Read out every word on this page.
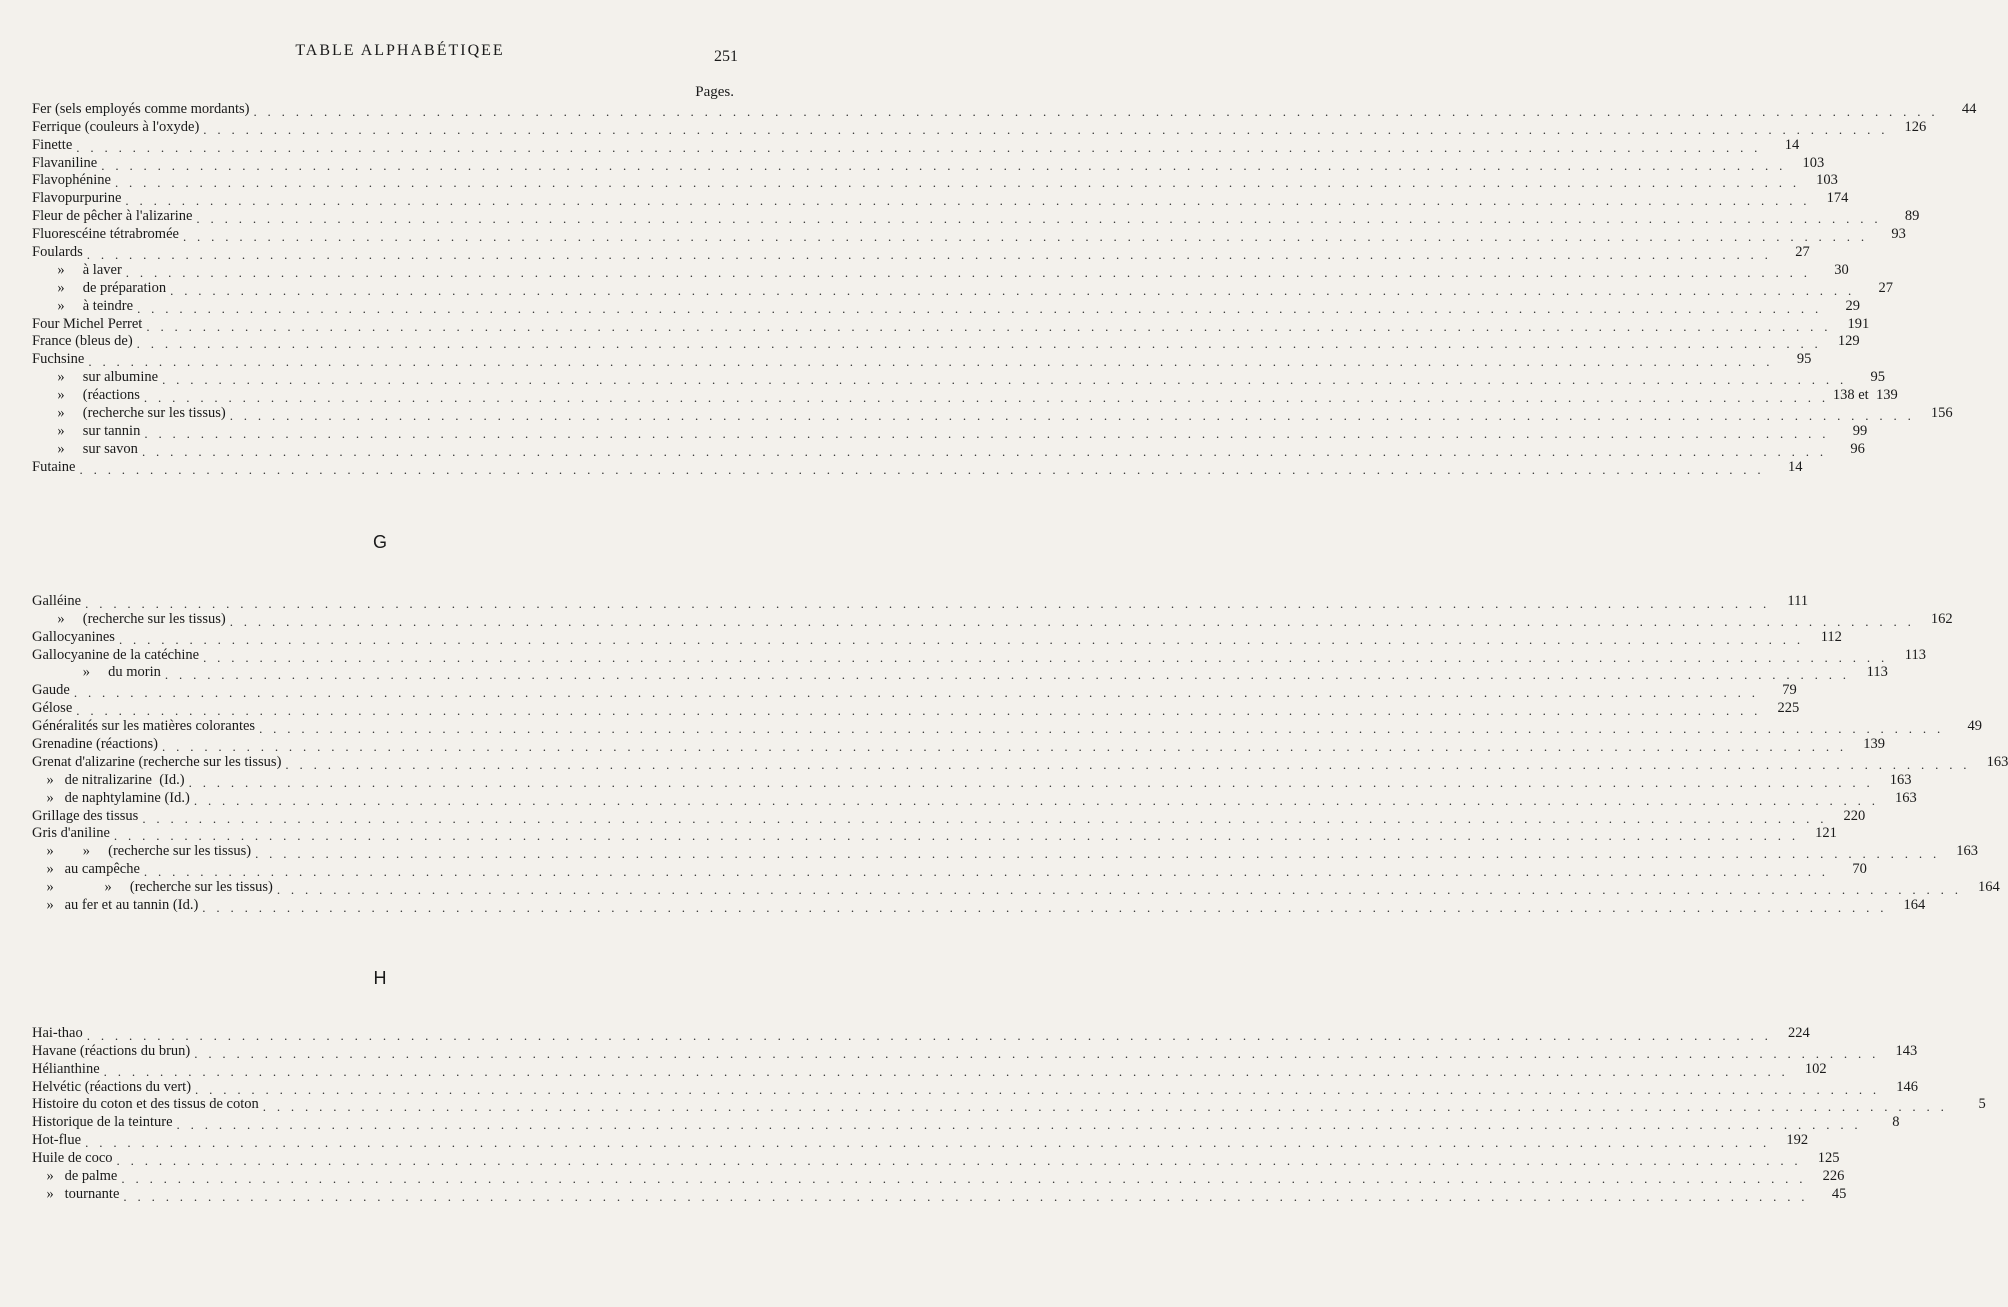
TABLE ALPHABÉTIQEE	251
Pages.
Fer (sels employés comme mordants) . . . . . . . . . . . . . . . . . . . . . . . . . . . . . . . . . . . . . . . . . . . . . . . . . . . . . . . . . . . . . . . . . . . . . . . . . . . . . . . . . . . . . . . . . . . . . . . . . . . . . . . . . . . . . . . . . . . . . . . .	44
Ferrique (couleurs à l'oxyde) . . . . . . . . . . . . . . . . . . . . . . . . . . . . . . . . . . . . . . . . . . . . . . . . . . . . . . . . . . . . . . . . . . . . . . . . . . . . . . . . . . . . . . . . . . . . . . . . . . . . . . . . . . . . . . . . . . . . . . . .	126
Finette . . . . . . . . . . . . . . . . . . . . . . . . . . . . . . . . . . . . . . . . . . . . . . . . . . . . . . . . . . . . . . . . . . . . . . . . . . . . . . . . . . . . . . . . . . . . . . . . . . . . . . . . . . . . . . . . . . . . . . . .	14
Flavaniline . . . . . . . . . . . . . . . . . . . . . . . . . . . . . . . . . . . . . . . . . . . . . . . . . . . . . . . . . . . . . . . . . . . . . . . . . . . . . . . . . . . . . . . . . . . . . . . . . . . . . . . . . . . . . . . . . . . . . . . .	103
Flavophénine . . . . . . . . . . . . . . . . . . . . . . . . . . . . . . . . . . . . . . . . . . . . . . . . . . . . . . . . . . . . . . . . . . . . . . . . . . . . . . . . . . . . . . . . . . . . . . . . . . . . . . . . . . . . . . . . . . . . . . . .	103
Flavopurpurine . . . . . . . . . . . . . . . . . . . . . . . . . . . . . . . . . . . . . . . . . . . . . . . . . . . . . . . . . . . . . . . . . . . . . . . . . . . . . . . . . . . . . . . . . . . . . . . . . . . . . . . . . . . . . . . . . . . . . . . .	174
Fleur de pêcher à l'alizarine . . . . . . . . . . . . . . . . . . . . . . . . . . . . . . . . . . . . . . . . . . . . . . . . . . . . . . . . . . . . . . . . . . . . . . . . . . . . . . . . . . . . . . . . . . . . . . . . . . . . . . . . . . . . . . . . . . . . . . . .	89
Fluorescéine tétrabromée . . . . . . . . . . . . . . . . . . . . . . . . . . . . . . . . . . . . . . . . . . . . . . . . . . . . . . . . . . . . . . . . . . . . . . . . . . . . . . . . . . . . . . . . . . . . . . . . . . . . . . . . . . . . . . . . . . . . . . . .	93
Foulards . . . . . . . . . . . . . . . . . . . . . . . . . . . . . . . . . . . . . . . . . . . . . . . . . . . . . . . . . . . . . . . . . . . . . . . . . . . . . . . . . . . . . . . . . . . . . . . . . . . . . . . . . . . . . . . . . . . . . . . .	27
»     à laver . . . . . . . . . . . . . . . . . . . . . . . . . . . . . . . . . . . . . . . . . . . . . . . . . . . . . . . . . . . . . . . . . . . . . . . . . . . . . . . . . . . . . . . . . . . . . . . . . . . . . . . . . . . . . . . . . . . . . . . .	30
»     de préparation . . . . . . . . . . . . . . . . . . . . . . . . . . . . . . . . . . . . . . . . . . . . . . . . . . . . . . . . . . . . . . . . . . . . . . . . . . . . . . . . . . . . . . . . . . . . . . . . . . . . . . . . . . . . . . . . . . . . . . . .	27
»     à teindre . . . . . . . . . . . . . . . . . . . . . . . . . . . . . . . . . . . . . . . . . . . . . . . . . . . . . . . . . . . . . . . . . . . . . . . . . . . . . . . . . . . . . . . . . . . . . . . . . . . . . . . . . . . . . . . . . . . . . . . .	29
Four Michel Perret . . . . . . . . . . . . . . . . . . . . . . . . . . . . . . . . . . . . . . . . . . . . . . . . . . . . . . . . . . . . . . . . . . . . . . . . . . . . . . . . . . . . . . . . . . . . . . . . . . . . . . . . . . . . . . . . . . . . . . . .	191
France (bleus de) . . . . . . . . . . . . . . . . . . . . . . . . . . . . . . . . . . . . . . . . . . . . . . . . . . . . . . . . . . . . . . . . . . . . . . . . . . . . . . . . . . . . . . . . . . . . . . . . . . . . . . . . . . . . . . . . . . . . . . . .	129
Fuchsine . . . . . . . . . . . . . . . . . . . . . . . . . . . . . . . . . . . . . . . . . . . . . . . . . . . . . . . . . . . . . . . . . . . . . . . . . . . . . . . . . . . . . . . . . . . . . . . . . . . . . . . . . . . . . . . . . . . . . . . .	95
»     sur albumine . . . . . . . . . . . . . . . . . . . . . . . . . . . . . . . . . . . . . . . . . . . . . . . . . . . . . . . . . . . . . . . . . . . . . . . . . . . . . . . . . . . . . . . . . . . . . . . . . . . . . . . . . . . . . . . . . . . . . . . .	95
»     (réactions . . . . . . . . . . . . . . . . . . . . . . . . . . . . . . . . . . . . . . . . . . . . . . . . . . . . . . . . . . . . . . . . . . . . . . . . . . . . . . . . . . . . . . . . . . . . . . . . . . . . . . . . . . . . . . . . . . . . . . . . 138 et  139
»     (recherche sur les tissus) . . . . . . . . . . . . . . . . . . . . . . . . . . . . . . . . . . . . . . . . . . . . . . . . . . . . . . . . . . . . . . . . . . . . . . . . . . . . . . . . . . . . . . . . . . . . . . . . . . . . . . . . . . . . . . . . . . . . . . . .	156
»     sur tannin . . . . . . . . . . . . . . . . . . . . . . . . . . . . . . . . . . . . . . . . . . . . . . . . . . . . . . . . . . . . . . . . . . . . . . . . . . . . . . . . . . . . . . . . . . . . . . . . . . . . . . . . . . . . . . . . . . . . . . . .	99
»     sur savon . . . . . . . . . . . . . . . . . . . . . . . . . . . . . . . . . . . . . . . . . . . . . . . . . . . . . . . . . . . . . . . . . . . . . . . . . . . . . . . . . . . . . . . . . . . . . . . . . . . . . . . . . . . . . . . . . . . . . . . .	96
Futaine . . . . . . . . . . . . . . . . . . . . . . . . . . . . . . . . . . . . . . . . . . . . . . . . . . . . . . . . . . . . . . . . . . . . . . . . . . . . . . . . . . . . . . . . . . . . . . . . . . . . . . . . . . . . . . . . . . . . . . . .	14
G
Galléine . . . . . . . . . . . . . . . . . . . . . . . . . . . . . . . . . . . . . . . . . . . . . . . . . . . . . . . . . . . . . . . . . . . . . . . . . . . . . . . . . . . . . . . . . . . . . . . . . . . . . . . . . . . . . . . . . . . . . . . .	111
»     (recherche sur les tissus) . . . . . . . . . . . . . . . . . . . . . . . . . . . . . . . . . . . . . . . . . . . . . . . . . . . . . . . . . . . . . . . . . . . . . . . . . . . . . . . . . . . . . . . . . . . . . . . . . . . . . . . . . . . . . . . . . . . . . . . .	162
Gallocyanines . . . . . . . . . . . . . . . . . . . . . . . . . . . . . . . . . . . . . . . . . . . . . . . . . . . . . . . . . . . . . . . . . . . . . . . . . . . . . . . . . . . . . . . . . . . . . . . . . . . . . . . . . . . . . . . . . . . . . . . .	112
Gallocyanine de la catéchine . . . . . . . . . . . . . . . . . . . . . . . . . . . . . . . . . . . . . . . . . . . . . . . . . . . . . . . . . . . . . . . . . . . . . . . . . . . . . . . . . . . . . . . . . . . . . . . . . . . . . . . . . . . . . . . . . . . . . . . .	113
»     du morin . . . . . . . . . . . . . . . . . . . . . . . . . . . . . . . . . . . . . . . . . . . . . . . . . . . . . . . . . . . . . . . . . . . . . . . . . . . . . . . . . . . . . . . . . . . . . . . . . . . . . . . . . . . . . . . . . . . . . . . .	113
Gaude . . . . . . . . . . . . . . . . . . . . . . . . . . . . . . . . . . . . . . . . . . . . . . . . . . . . . . . . . . . . . . . . . . . . . . . . . . . . . . . . . . . . . . . . . . . . . . . . . . . . . . . . . . . . . . . . . . . . . . . .	79
Gélose . . . . . . . . . . . . . . . . . . . . . . . . . . . . . . . . . . . . . . . . . . . . . . . . . . . . . . . . . . . . . . . . . . . . . . . . . . . . . . . . . . . . . . . . . . . . . . . . . . . . . . . . . . . . . . . . . . . . . . . .	225
Généralités sur les matières colorantes . . . . . . . . . . . . . . . . . . . . . . . . . . . . . . . . . . . . . . . . . . . . . . . . . . . . . . . . . . . . . . . . . . . . . . . . . . . . . . . . . . . . . . . . . . . . . . . . . . . . . . . . . . . . . . . . . . . . . . . .	49
Grenadine (réactions) . . . . . . . . . . . . . . . . . . . . . . . . . . . . . . . . . . . . . . . . . . . . . . . . . . . . . . . . . . . . . . . . . . . . . . . . . . . . . . . . . . . . . . . . . . . . . . . . . . . . . . . . . . . . . . . . . . . . . . . .	139
Grenat d'alizarine (recherche sur les tissus) . . . . . . . . . . . . . . . . . . . . . . . . . . . . . . . . . . . . . . . . . . . . . . . . . . . . . . . . . . . . . . . . . . . . . . . . . . . . . . . . . . . . . . . . . . . . . . . . . . . . . . . . . . . . . . . . . . . . . . . .	163
»   de nitralizarine  (Id.) . . . . . . . . . . . . . . . . . . . . . . . . . . . . . . . . . . . . . . . . . . . . . . . . . . . . . . . . . . . . . . . . . . . . . . . . . . . . . . . . . . . . . . . . . . . . . . . . . . . . . . . . . . . . . . . . . . . . . . . .	163
»   de naphtylamine (Id.) . . . . . . . . . . . . . . . . . . . . . . . . . . . . . . . . . . . . . . . . . . . . . . . . . . . . . . . . . . . . . . . . . . . . . . . . . . . . . . . . . . . . . . . . . . . . . . . . . . . . . . . . . . . . . . . . . . . . . . . .	163
Grillage des tissus . . . . . . . . . . . . . . . . . . . . . . . . . . . . . . . . . . . . . . . . . . . . . . . . . . . . . . . . . . . . . . . . . . . . . . . . . . . . . . . . . . . . . . . . . . . . . . . . . . . . . . . . . . . . . . . . . . . . . . . .	220
Gris d'aniline . . . . . . . . . . . . . . . . . . . . . . . . . . . . . . . . . . . . . . . . . . . . . . . . . . . . . . . . . . . . . . . . . . . . . . . . . . . . . . . . . . . . . . . . . . . . . . . . . . . . . . . . . . . . . . . . . . . . . . . .	121
»        »     (recherche sur les tissus) . . . . . . . . . . . . . . . . . . . . . . . . . . . . . . . . . . . . . . . . . . . . . . . . . . . . . . . . . . . . . . . . . . . . . . . . . . . . . . . . . . . . . . . . . . . . . . . . . . . . . . . . . . . . . . . . . . . . . . . .	163
»   au campêche . . . . . . . . . . . . . . . . . . . . . . . . . . . . . . . . . . . . . . . . . . . . . . . . . . . . . . . . . . . . . . . . . . . . . . . . . . . . . . . . . . . . . . . . . . . . . . . . . . . . . . . . . . . . . . . . . . . . . . . .	70
»              »     (recherche sur les tissus) . . . . . . . . . . . . . . . . . . . . . . . . . . . . . . . . . . . . . . . . . . . . . . . . . . . . . . . . . . . . . . . . . . . . . . . . . . . . . . . . . . . . . . . . . . . . . . . . . . . . . . . . . . . . . . . . . . . . . . . .	164
»   au fer et au tannin (Id.) . . . . . . . . . . . . . . . . . . . . . . . . . . . . . . . . . . . . . . . . . . . . . . . . . . . . . . . . . . . . . . . . . . . . . . . . . . . . . . . . . . . . . . . . . . . . . . . . . . . . . . . . . . . . . . . . . . . . . . . .	164
H
Hai-thao . . . . . . . . . . . . . . . . . . . . . . . . . . . . . . . . . . . . . . . . . . . . . . . . . . . . . . . . . . . . . . . . . . . . . . . . . . . . . . . . . . . . . . . . . . . . . . . . . . . . . . . . . . . . . . . . . . . . . . . .	224
Havane (réactions du brun) . . . . . . . . . . . . . . . . . . . . . . . . . . . . . . . . . . . . . . . . . . . . . . . . . . . . . . . . . . . . . . . . . . . . . . . . . . . . . . . . . . . . . . . . . . . . . . . . . . . . . . . . . . . . . . . . . . . . . . . .	143
Hélianthine . . . . . . . . . . . . . . . . . . . . . . . . . . . . . . . . . . . . . . . . . . . . . . . . . . . . . . . . . . . . . . . . . . . . . . . . . . . . . . . . . . . . . . . . . . . . . . . . . . . . . . . . . . . . . . . . . . . . . . . .	102
Helvétic (réactions du vert) . . . . . . . . . . . . . . . . . . . . . . . . . . . . . . . . . . . . . . . . . . . . . . . . . . . . . . . . . . . . . . . . . . . . . . . . . . . . . . . . . . . . . . . . . . . . . . . . . . . . . . . . . . . . . . . . . . . . . . . .	146
Histoire du coton et des tissus de coton . . . . . . . . . . . . . . . . . . . . . . . . . . . . . . . . . . . . . . . . . . . . . . . . . . . . . . . . . . . . . . . . . . . . . . . . . . . . . . . . . . . . . . . . . . . . . . . . . . . . . . . . . . . . . . . . . . . . . . . .	5
Historique de la teinture . . . . . . . . . . . . . . . . . . . . . . . . . . . . . . . . . . . . . . . . . . . . . . . . . . . . . . . . . . . . . . . . . . . . . . . . . . . . . . . . . . . . . . . . . . . . . . . . . . . . . . . . . . . . . . . . . . . . . . . .	8
Hot-flue . . . . . . . . . . . . . . . . . . . . . . . . . . . . . . . . . . . . . . . . . . . . . . . . . . . . . . . . . . . . . . . . . . . . . . . . . . . . . . . . . . . . . . . . . . . . . . . . . . . . . . . . . . . . . . . . . . . . . . . .	192
Huile de coco . . . . . . . . . . . . . . . . . . . . . . . . . . . . . . . . . . . . . . . . . . . . . . . . . . . . . . . . . . . . . . . . . . . . . . . . . . . . . . . . . . . . . . . . . . . . . . . . . . . . . . . . . . . . . . . . . . . . . . . .	125
»   de palme . . . . . . . . . . . . . . . . . . . . . . . . . . . . . . . . . . . . . . . . . . . . . . . . . . . . . . . . . . . . . . . . . . . . . . . . . . . . . . . . . . . . . . . . . . . . . . . . . . . . . . . . . . . . . . . . . . . . . . . .	226
»   tournante . . . . . . . . . . . . . . . . . . . . . . . . . . . . . . . . . . . . . . . . . . . . . . . . . . . . . . . . . . . . . . . . . . . . . . . . . . . . . . . . . . . . . . . . . . . . . . . . . . . . . . . . . . . . . . . . . . . . . . . .	45
